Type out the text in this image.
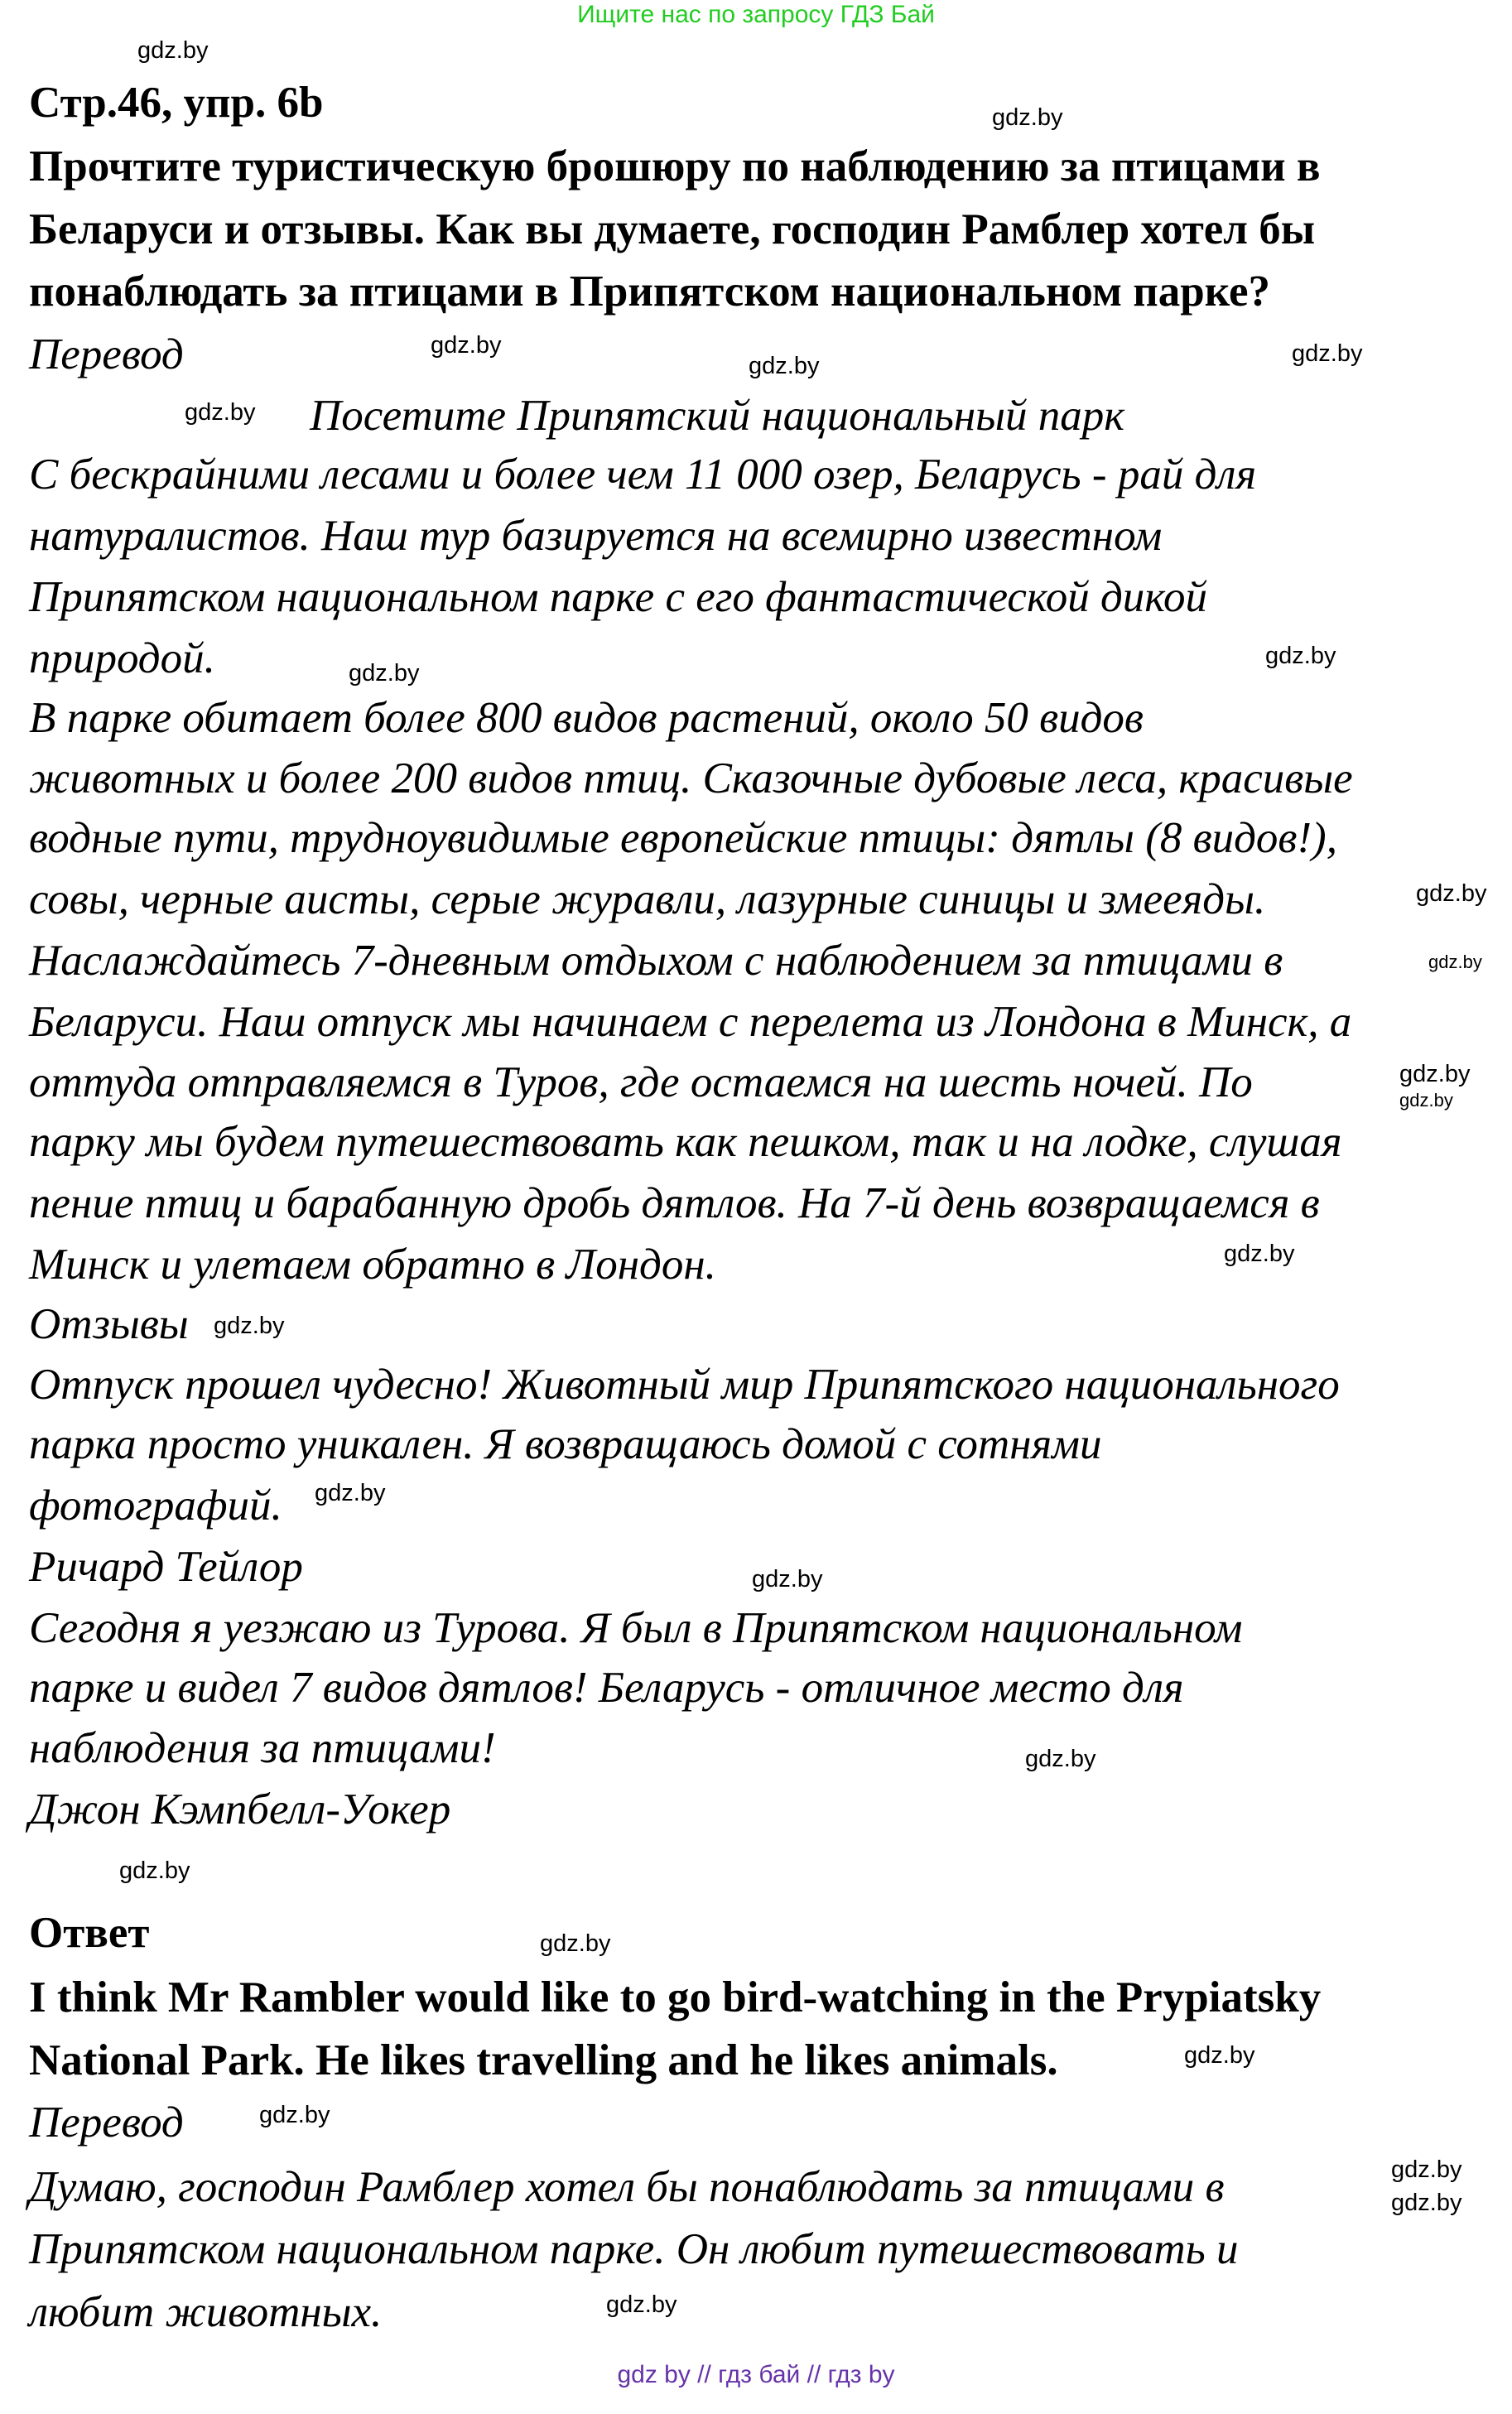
Ищите нас по запросу ГДЗ Бай
Стр.46, упр. 6b
Прочтите туристическую брошюру по наблюдению за птицами в
Беларуси и отзывы. Как вы думаете, господин Рамблер хотел бы
понаблюдать за птицами в Припятском национальном парке?
Перевод
Посетите Припятский национальный парк
С бескрайними лесами и более чем 11 000 озер, Беларусь - рай для
натуралистов. Наш тур базируется на всемирно известном
Припятском национальном парке с его фантастической дикой
природой.
В парке обитает более 800 видов растений, около 50 видов
животных и более 200 видов птиц. Сказочные дубовые леса, красивые
водные пути, трудноувидимые европейские птицы: дятлы (8 видов!),
совы, черные аисты, серые журавли, лазурные синицы и змееяды.
Наслаждайтесь 7-дневным отдыхом с наблюдением за птицами в
Беларуси. Наш отпуск мы начинаем с перелета из Лондона в Минск, а
оттуда отправляемся в Туров, где остаемся на шесть ночей. По
парку мы будем путешествовать как пешком, так и на лодке, слушая
пение птиц и барабанную дробь дятлов. На 7-й день возвращаемся в
Минск и улетаем обратно в Лондон.
Отзывы
Отпуск прошел чудесно! Животный мир Припятского национального
парка просто уникален. Я возвращаюсь домой с сотнями
фотографий.
Ричард Тейлор
Сегодня я уезжаю из Турова. Я был в Припятском национальном
парке и видел 7 видов дятлов! Беларусь - отличное место для
наблюдения за птицами!
Джон Кэмпбелл-Уокер
Ответ
I think Mr Rambler would like to go bird-watching in the Prypiatsky
National Park. He likes travelling and he likes animals.
Перевод
Думаю, господин Рамблер хотел бы понаблюдать за птицами в
Припятском национальном парке. Он любит путешествовать и
любит животных.
gdz.by
gdz.by
gdz.by
gdz.by
gdz.by
gdz.by
gdz.by
gdz.by
gdz.by
gdz.by
gdz.by
gdz.by
gdz.by
gdz.by
gdz.by
gdz.by
gdz.by
gdz.by
gdz.by
gdz.by
gdz.by
gdz.by
gdz.by
gdz.by
gdz by // гдз бай // гдз by
